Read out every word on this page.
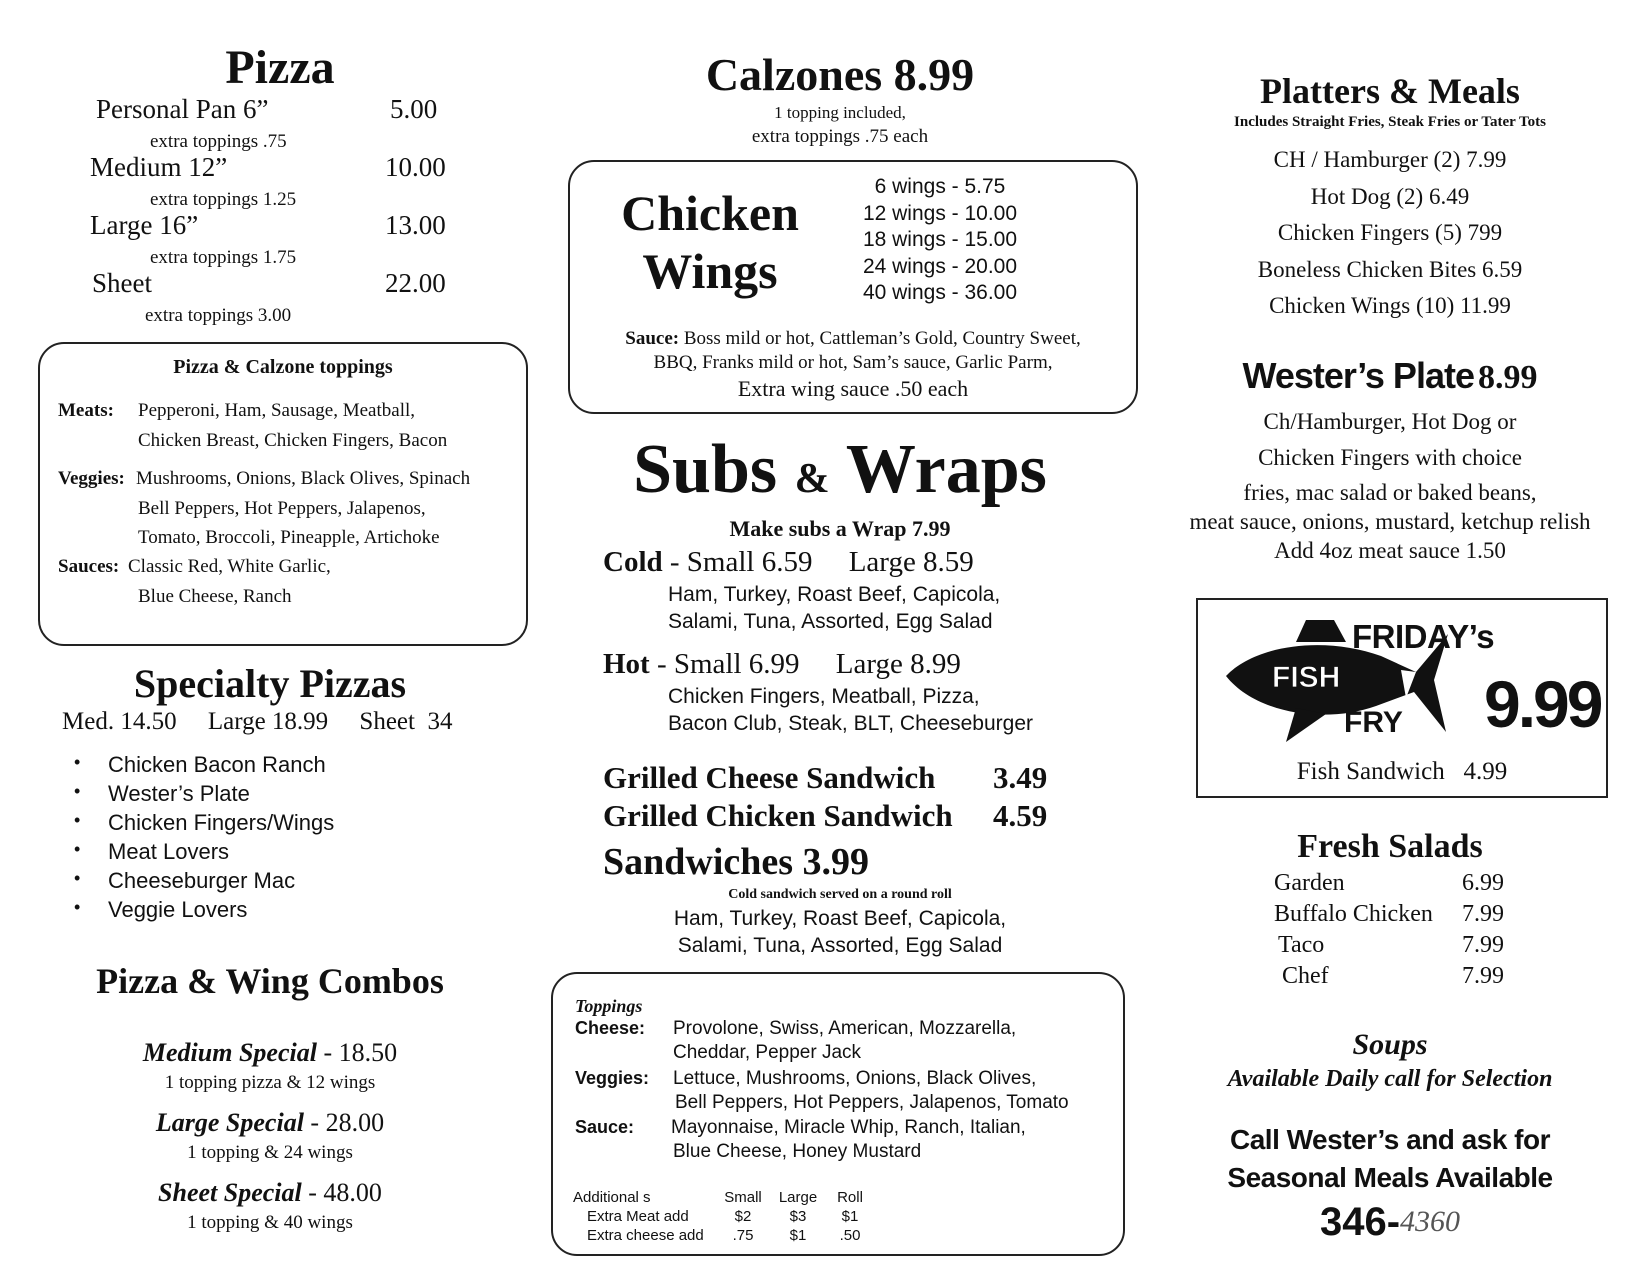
Pizza
Personal Pan 6”	5.00
extra toppings .75
Medium 12”	10.00
extra toppings 1.25
Large 16”	13.00
extra toppings 1.75
Sheet	22.00
extra toppings 3.00
Pizza & Calzone toppings
Meats: Pepperoni, Ham, Sausage, Meatball,
Chicken Breast, Chicken Fingers, Bacon
Veggies: Mushrooms, Onions, Black Olives, Spinach
Bell Peppers, Hot Peppers, Jalapenos,
Tomato, Broccoli, Pineapple, Artichoke
Sauces: Classic Red, White Garlic,
Blue Cheese, Ranch
Specialty Pizzas
Med. 14.50     Large 18.99     Sheet  34
• Chicken Bacon Ranch
• Wester’s Plate
• Chicken Fingers/Wings
• Meat Lovers
• Cheeseburger Mac
• Veggie Lovers
Pizza & Wing Combos
Medium Special - 18.50
1 topping pizza & 12 wings
Large Special - 28.00
1 topping & 24 wings
Sheet Special - 48.00
1 topping & 40 wings
Calzones 8.99
1 topping included,
extra toppings .75 each
Chicken
Wings
6 wings - 5.75
12 wings - 10.00
18 wings - 15.00
24 wings - 20.00
40 wings - 36.00
Sauce: Boss mild or hot, Cattleman’s Gold, Country Sweet,
BBQ, Franks mild or hot, Sam’s sauce, Garlic Parm,
Extra wing sauce .50 each
Subs & Wraps
Make subs a Wrap 7.99
Cold - Small 6.59     Large 8.59
Ham, Turkey, Roast Beef, Capicola,
Salami, Tuna, Assorted, Egg Salad
Hot - Small 6.99     Large 8.99
Chicken Fingers, Meatball, Pizza,
Bacon Club, Steak, BLT, Cheeseburger
Grilled Cheese Sandwich 3.49
Grilled Chicken Sandwich 4.59
Sandwiches 3.99
Cold sandwich served on a round roll
Ham, Turkey, Roast Beef, Capicola,
Salami, Tuna, Assorted, Egg Salad
Toppings
Cheese: Provolone, Swiss, American, Mozzarella,
Cheddar, Pepper Jack
Veggies: Lettuce, Mushrooms, Onions, Black Olives,
Bell Peppers, Hot Peppers, Jalapenos, Tomato
Sauce: Mayonnaise, Miracle Whip, Ranch, Italian,
Blue Cheese, Honey Mustard
Additional s	Small	Large	Roll
Extra Meat add	$2	$3	$1
Extra cheese add	.75	$1	.50
Platters & Meals
Includes Straight Fries, Steak Fries or Tater Tots
CH / Hamburger (2) 7.99
Hot Dog (2) 6.49
Chicken Fingers (5) 799
Boneless Chicken Bites 6.59
Chicken Wings (10) 11.99
Wester’s Plate 8.99
Ch/Hamburger, Hot Dog or
Chicken Fingers with choice
fries, mac salad or baked beans,
meat sauce, onions, mustard, ketchup relish
Add 4oz meat sauce 1.50
FISH
FRIDAY’s
FRY 9.99
Fish Sandwich   4.99
Fresh Salads
Garden	6.99
Buffalo Chicken 7.99
Taco	7.99
Chef	7.99
Soups
Available Daily call for Selection
Call Wester’s and ask for
Seasonal Meals Available
346-4360
